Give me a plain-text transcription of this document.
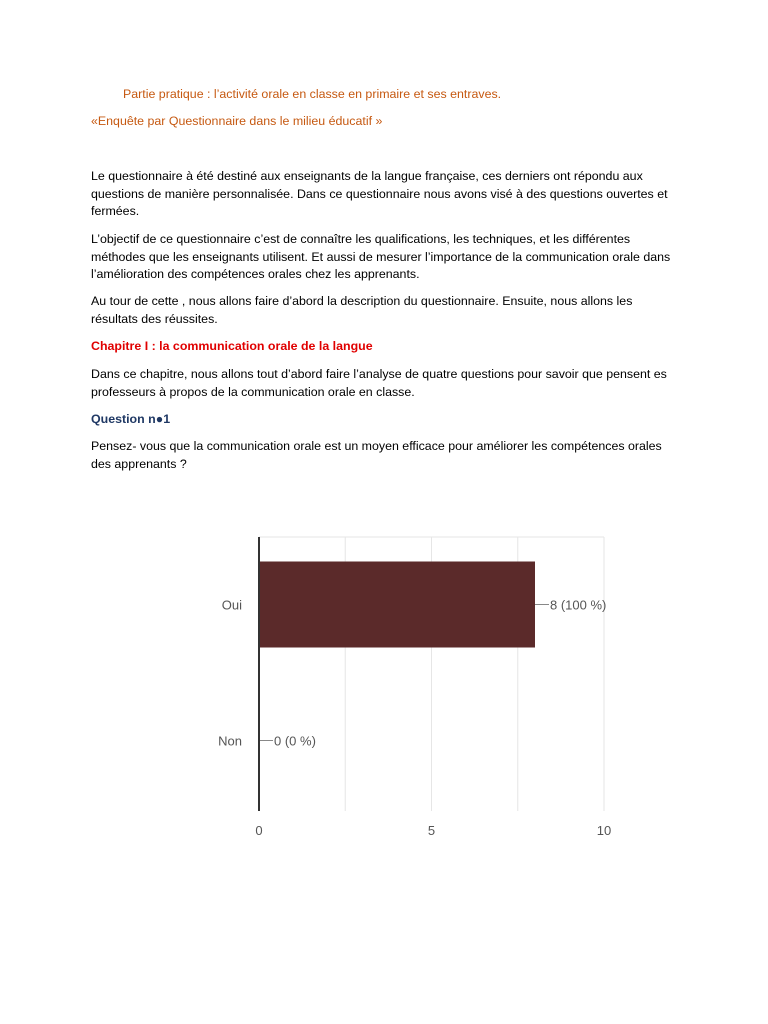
Partie pratique : l’activité orale en classe en primaire et ses entraves.
«Enquête par Questionnaire dans le milieu éducatif »
Le questionnaire à été destiné aux enseignants de la langue française, ces derniers ont répondu aux questions de manière personnalisée. Dans ce questionnaire nous avons visé à des questions ouvertes et fermées.
L’objectif de ce questionnaire c’est de connaître les qualifications, les techniques, et les différentes méthodes que les enseignants utilisent. Et aussi de mesurer l’importance de la communication orale dans l’amélioration des compétences orales chez les apprenants.
Au tour de cette , nous allons faire d’abord la description du questionnaire. Ensuite, nous allons les résultats des réussites.
Chapitre I : la communication orale de la langue
Dans ce chapitre, nous allons tout d’abord faire l’analyse de quatre questions pour savoir que pensent es professeurs à propos de la communication orale en classe.
Question n●1
Pensez- vous que la communication orale est un moyen efficace pour améliorer les compétences orales des apprenants ?
0	5	10
Oui	8 (100 %)
Non 0 (0 %)
